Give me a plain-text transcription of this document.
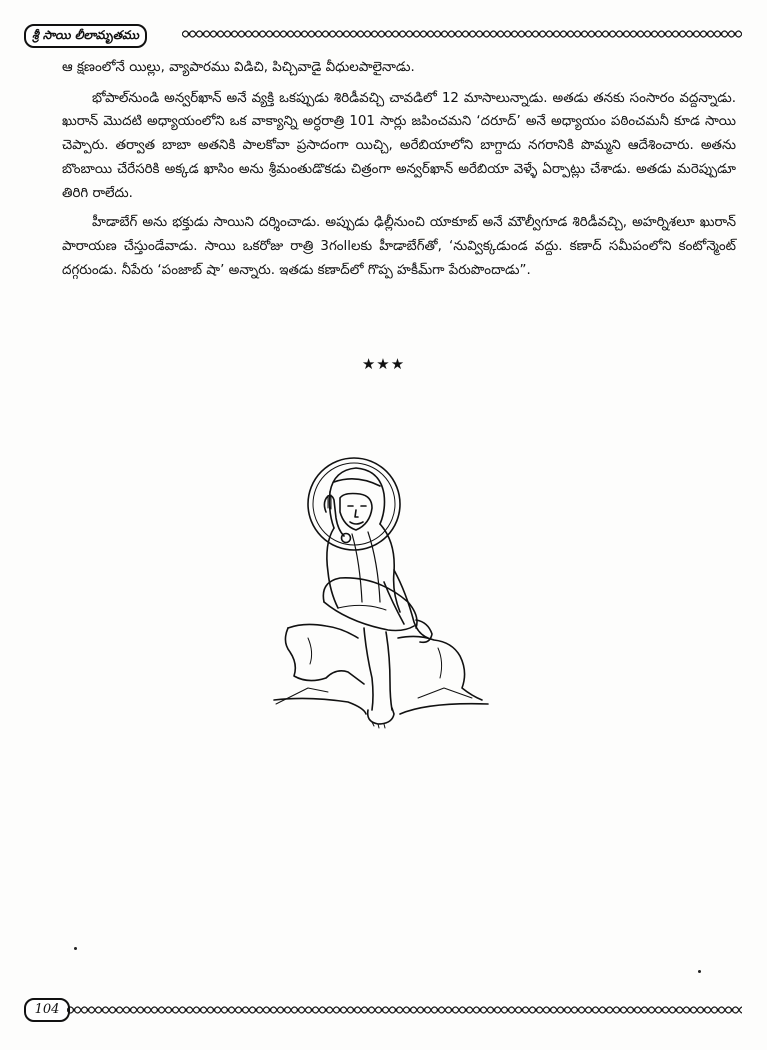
శ్రీ సాయి లీలామృతము

ఆ క్షణంలోనే యిల్లు, వ్యాపారము విడిచి, పిచ్చివాడై వీధులపాలైనాడు.

భోపాల్‌నుండి అన్వర్‌ఖాన్ అనే వ్యక్తి ఒకప్పుడు శిరిడీవచ్చి చావడిలో 12 మాసాలున్నాడు. అతడు తనకు సంసారం వద్దన్నాడు. ఖురాన్ మొదటి అధ్యాయంలోని ఒక వాక్యాన్ని అర్ధరాత్రి 101 సార్లు జపించమని ‘దరూద్’ అనే అధ్యాయం పఠించమనీ కూడ సాయి చెప్పారు. తర్వాత బాబా అతనికి పాలకోవా ప్రసాదంగా యిచ్చి, అరేబియాలోని బాగ్దాదు నగరానికి పొమ్మని ఆదేశించారు. అతను బొంబాయి చేరేసరికి అక్కడ ఖాసిం అను శ్రీమంతుడొకడు చిత్రంగా అన్వర్‌ఖాన్ అరేబియా వెళ్ళే ఏర్పాట్లు చేశాడు. అతడు మరెప్పుడూ తిరిగి రాలేదు.

హీడాబేగ్ అను భక్తుడు సాయిని దర్శించాడు. అప్పుడు ఢిల్లీనుంచి యాకూబ్ అనే మౌల్వీగూడ శిరిడీవచ్చి, అహర్నిశలూ ఖురాన్ పారాయణ చేస్తుండేవాడు. సాయి ఒకరోజు రాత్రి 3గంllలకు హీడాబేగ్‌తో, ‘నువ్విక్కడుండ వద్దు. కణాద్ సమీపంలోని కంటోన్మెంట్ దగ్గరుండు. నీపేరు ‘పంజాబ్ షా’ అన్నారు. ఇతడు కణాద్‌లో గొప్ప హకీమ్‌గా పేరుపొందాడు”.

★★★
104
